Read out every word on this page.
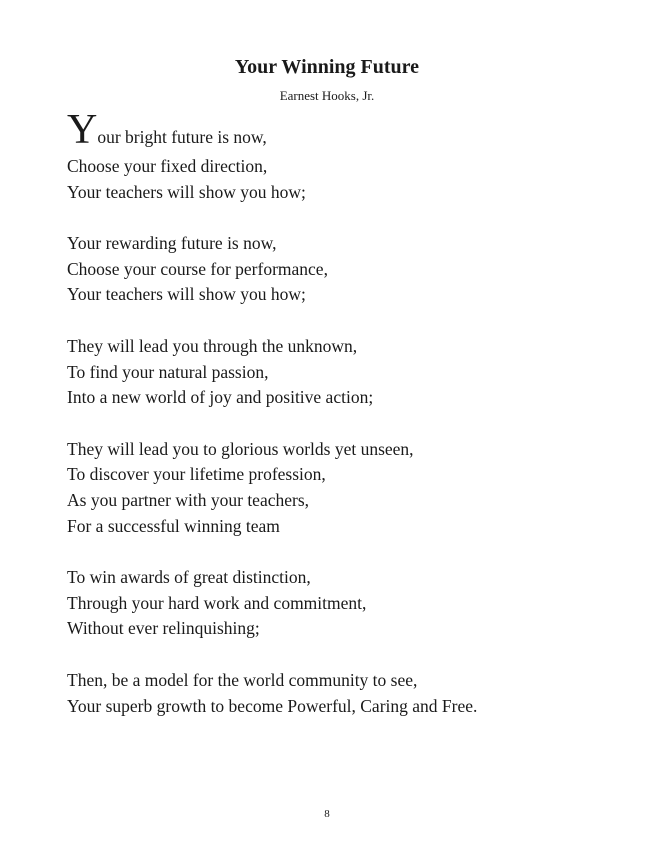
Your Winning Future
Earnest Hooks, Jr.
Your bright future is now,
Choose your fixed direction,
Your teachers will show you how;
Your rewarding future is now,
Choose your course for performance,
Your teachers will show you how;
They will lead you through the unknown,
To find your natural passion,
Into a new world of joy and positive action;
They will lead you to glorious worlds yet unseen,
To discover your lifetime profession,
As you partner with your teachers,
For a successful winning team
To win awards of great distinction,
Through your hard work and commitment,
Without ever relinquishing;
Then, be a model for the world community to see,
Your superb growth to become Powerful, Caring and Free.
8
